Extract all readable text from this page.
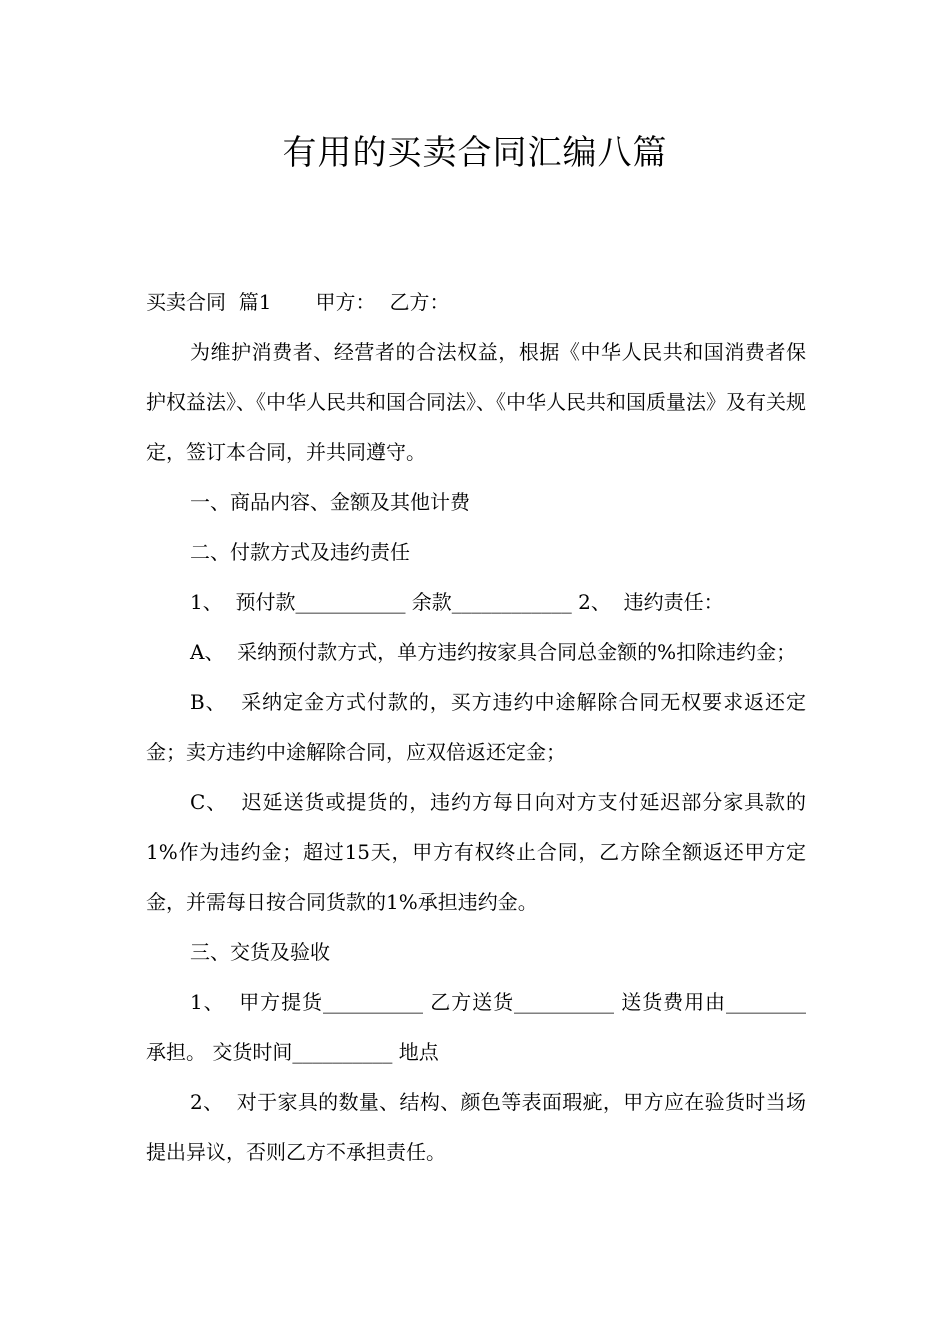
有用的买卖合同汇编八篇

买卖合同  篇1 甲方： 乙方：

为维护消费者、经营者的合法权益，根据《中华人民共和国消费者保护权益法》、《中华人民共和国合同法》、《中华人民共和国质量法》及有关规定，签订本合同，并共同遵守。

一、商品内容、金额及其他计费

二、付款方式及违约责任

1、  预付款___________ 余款____________ 2、  违约责任：

A、  采纳预付款方式，单方违约按家具合同总金额的%扣除违约金；

B、  采纳定金方式付款的，买方违约中途解除合同无权要求返还定金；卖方违约中途解除合同，应双倍返还定金；

C、  迟延送货或提货的，违约方每日向对方支付延迟部分家具款的1%作为违约金；超过15天，甲方有权终止合同，乙方除全额返还甲方定金，并需每日按合同货款的1%承担违约金。

三、交货及验收

1、  甲方提货__________ 乙方送货__________ 送货费用由________承担。 交货时间__________ 地点

2、  对于家具的数量、结构、颜色等表面瑕疵，甲方应在验货时当场提出异议，否则乙方不承担责任。
